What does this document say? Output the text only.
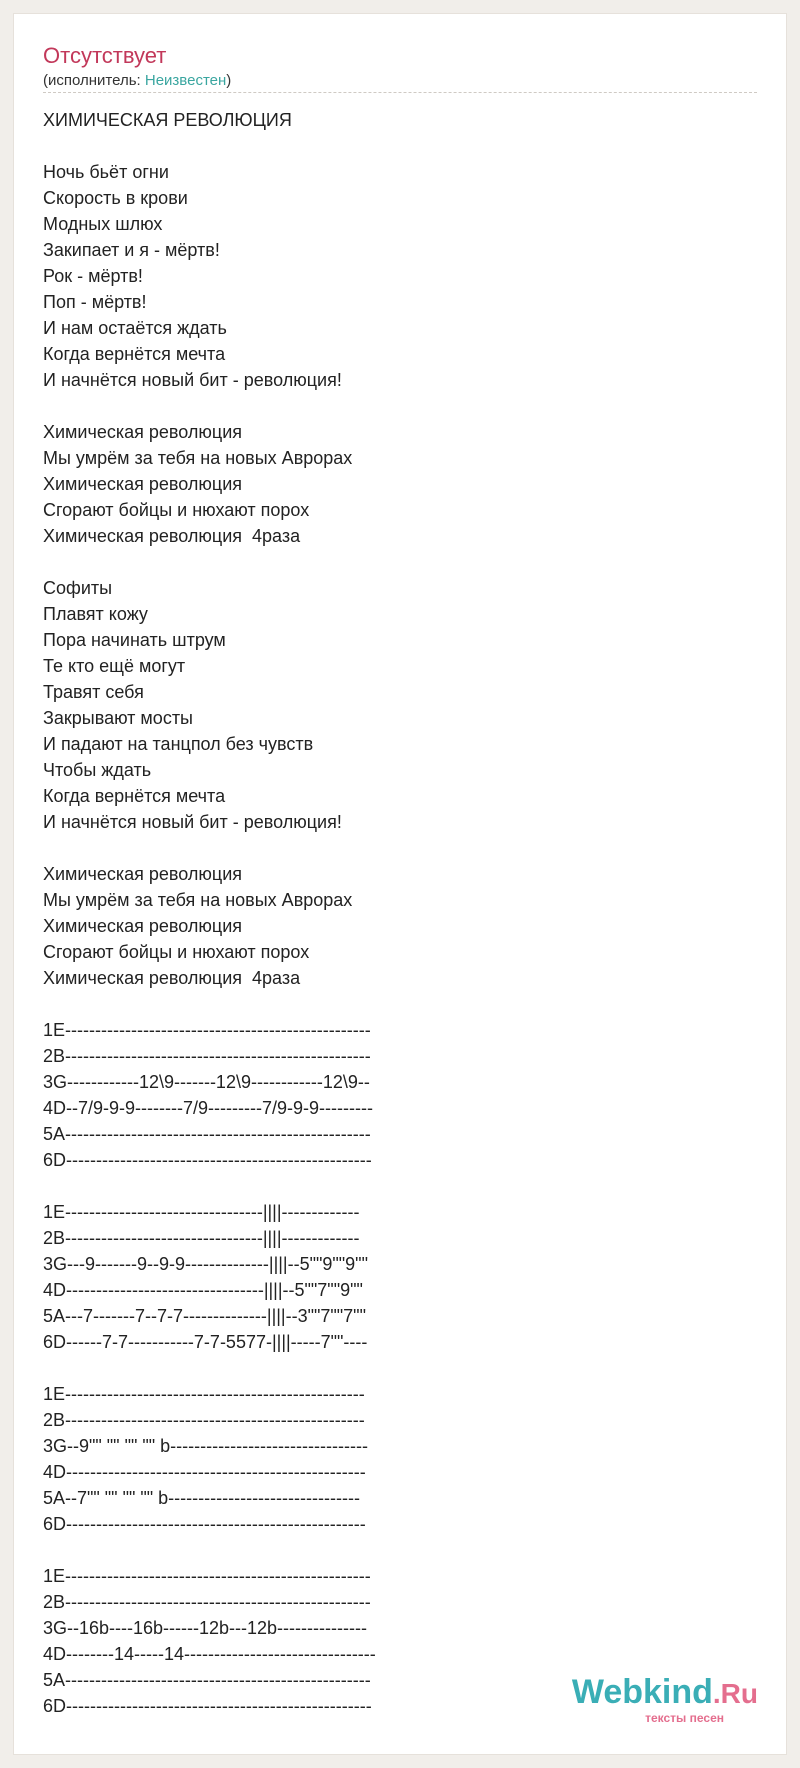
Отсутствует
(исполнитель: Неизвестен)
ХИМИЧЕСКАЯ РЕВОЛЮЦИЯ
Ночь бьёт огни
Скорость в крови
Модных шлюх
Закипает и я - мёртв!
Рок - мёртв!
Поп - мёртв!
И нам остаётся ждать
Когда вернётся мечта
И начнётся новый бит - революция!
Химическая революция
Мы умрём за тебя на новых Аврорах
Химическая революция
Сгорают бойцы и нюхают порох
Химическая революция  4раза
Софиты
Плавят кожу
Пора начинать штрум
Те кто ещё могут
Травят себя
Закрывают мосты
И падают на танцпол без чувств
Чтобы ждать
Когда вернётся мечта
И начнётся новый бит - революция!
Химическая революция
Мы умрём за тебя на новых Аврорах
Химическая революция
Сгорают бойцы и нюхают порох
Химическая революция  4раза
1E---------------------------------------------------
2B---------------------------------------------------
3G------------12\9-------12\9------------12\9--
4D--7/9-9-9--------7/9---------7/9-9-9---------
5A---------------------------------------------------
6D---------------------------------------------------
1E---------------------------------||||-------------
2B---------------------------------||||-------------
3G---9-------9--9-9--------------||||--5""9""9""
4D---------------------------------||||--5""7""9""
5A---7-------7--7-7--------------||||--3""7""7""
6D------7-7-----------7-7-5577-||||-----7""----
1E--------------------------------------------------
2B--------------------------------------------------
3G--9"" "" "" "" b---------------------------------
4D--------------------------------------------------
5A--7"" "" "" "" b--------------------------------
6D--------------------------------------------------
1E---------------------------------------------------
2B---------------------------------------------------
3G--16b----16b------12b---12b---------------
4D--------14-----14--------------------------------
5A---------------------------------------------------
6D---------------------------------------------------	Webkind.Ru
тексты песен
